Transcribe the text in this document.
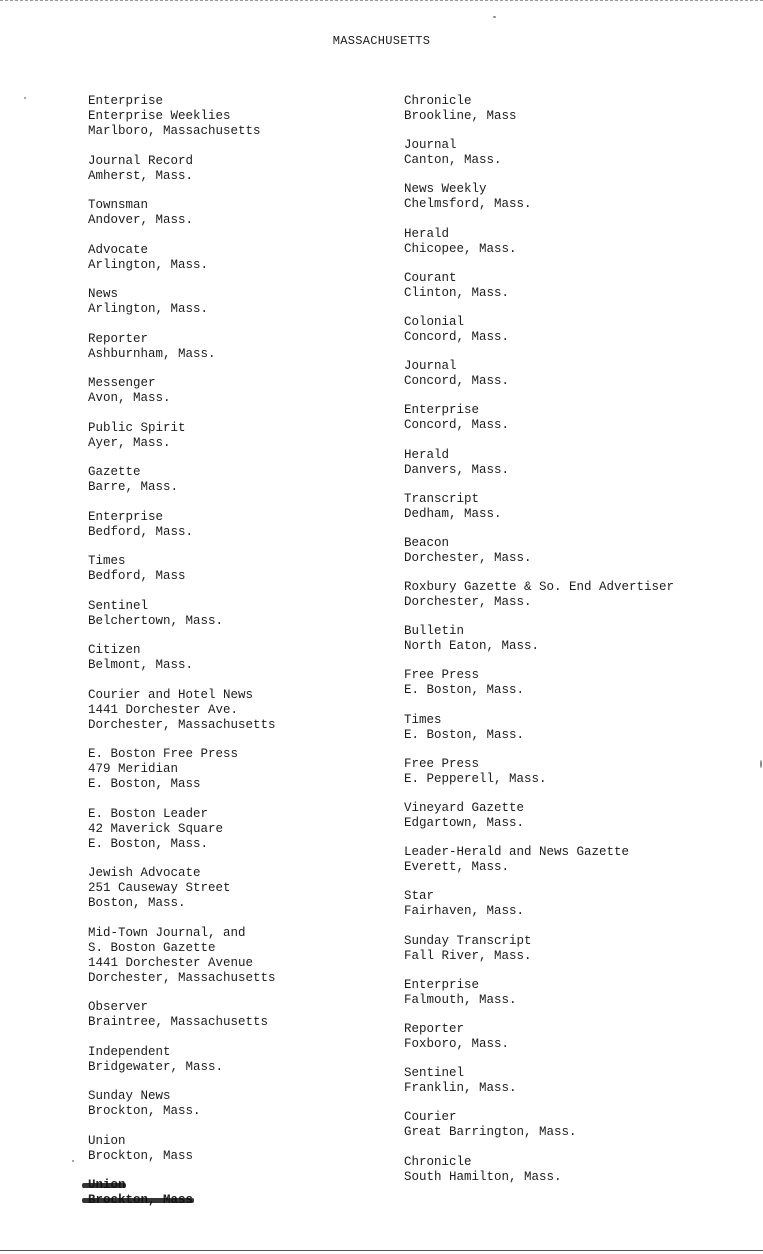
MASSACHUSETTS
Enterprise
Enterprise Weeklies
Marlboro, Massachusetts
Journal Record
Amherst, Mass.
Townsman
Andover, Mass.
Advocate
Arlington, Mass.
News
Arlington, Mass.
Reporter
Ashburnham, Mass.
Messenger
Avon, Mass.
Public Spirit
Ayer, Mass.
Gazette
Barre, Mass.
Enterprise
Bedford, Mass.
Times
Bedford, Mass
Sentinel
Belchertown, Mass.
Citizen
Belmont, Mass.
Courier and Hotel News
1441 Dorchester Ave.
Dorchester, Massachusetts
E. Boston Free Press
479 Meridian
E. Boston, Mass
E. Boston Leader
42 Maverick Square
E. Boston, Mass.
Jewish Advocate
251 Causeway Street
Boston, Mass.
Mid-Town Journal, and
S. Boston Gazette
1441 Dorchester Avenue
Dorchester, Massachusetts
Observer
Braintree, Massachusetts
Independent
Bridgewater, Mass.
Sunday News
Brockton, Mass.
Union
Brockton, Mass
Chronicle
Brookline, Mass
Journal
Canton, Mass.
News Weekly
Chelmsford, Mass.
Herald
Chicopee, Mass.
Courant
Clinton, Mass.
Colonial
Concord, Mass.
Journal
Concord, Mass.
Enterprise
Concord, Mass.
Herald
Danvers, Mass.
Transcript
Dedham, Mass.
Beacon
Dorchester, Mass.
Roxbury Gazette & So. End Advertiser
Dorchester, Mass.
Bulletin
North Eaton, Mass.
Free Press
E. Boston, Mass.
Times
E. Boston, Mass.
Free Press
E. Pepperell, Mass.
Vineyard Gazette
Edgartown, Mass.
Leader-Herald and News Gazette
Everett, Mass.
Star
Fairhaven, Mass.
Sunday Transcript
Fall River, Mass.
Enterprise
Falmouth, Mass.
Reporter
Foxboro, Mass.
Sentinel
Franklin, Mass.
Courier
Great Barrington, Mass.
Chronicle
South Hamilton, Mass.
